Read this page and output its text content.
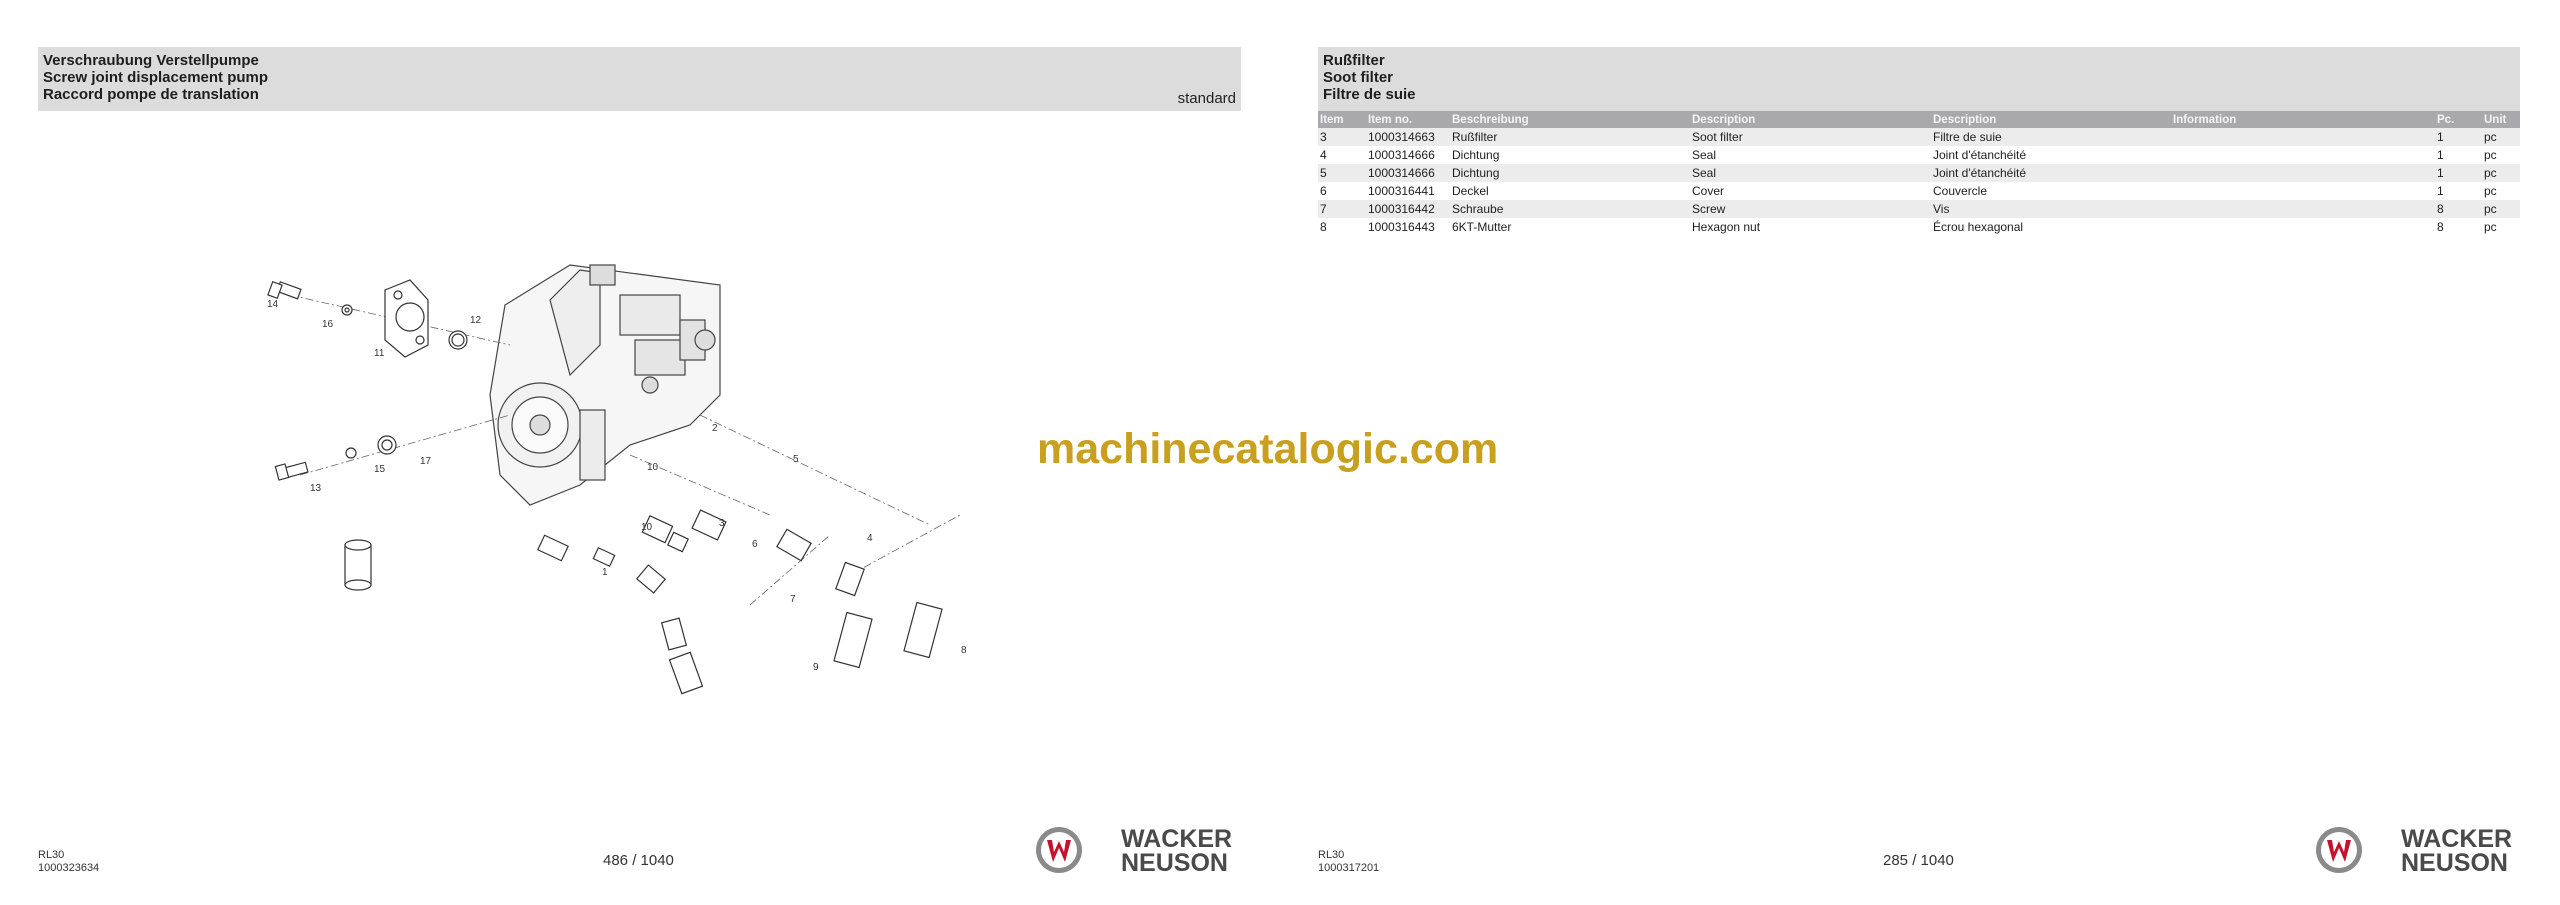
Verschraubung Verstellpumpe
Screw joint displacement pump
Raccord pompe de translation	standard
14
16
11
12
13
15
17
2
10
5
4
10	3
6
1
7
9
8
RL30
1000323634	486 / 1040
WACKER
NEUSON
Rußfilter
Soot filter
Filtre de suie
Item	Item no.	Beschreibung	Description	Description	Information	Pc.	Unit
3	1000314663	Rußfilter	Soot filter	Filtre de suie		1	pc
4	1000314666	Dichtung	Seal	Joint d'étanchéité		1	pc
5	1000314666	Dichtung	Seal	Joint d'étanchéité		1	pc
6	1000316441	Deckel	Cover	Couvercle		1	pc
7	1000316442	Schraube	Screw	Vis		8	pc
8	1000316443	6KT-Mutter	Hexagon nut	Écrou hexagonal		8	pc
RL30
1000317201	285 / 1040
WACKER
NEUSON
machinecatalogic.com
